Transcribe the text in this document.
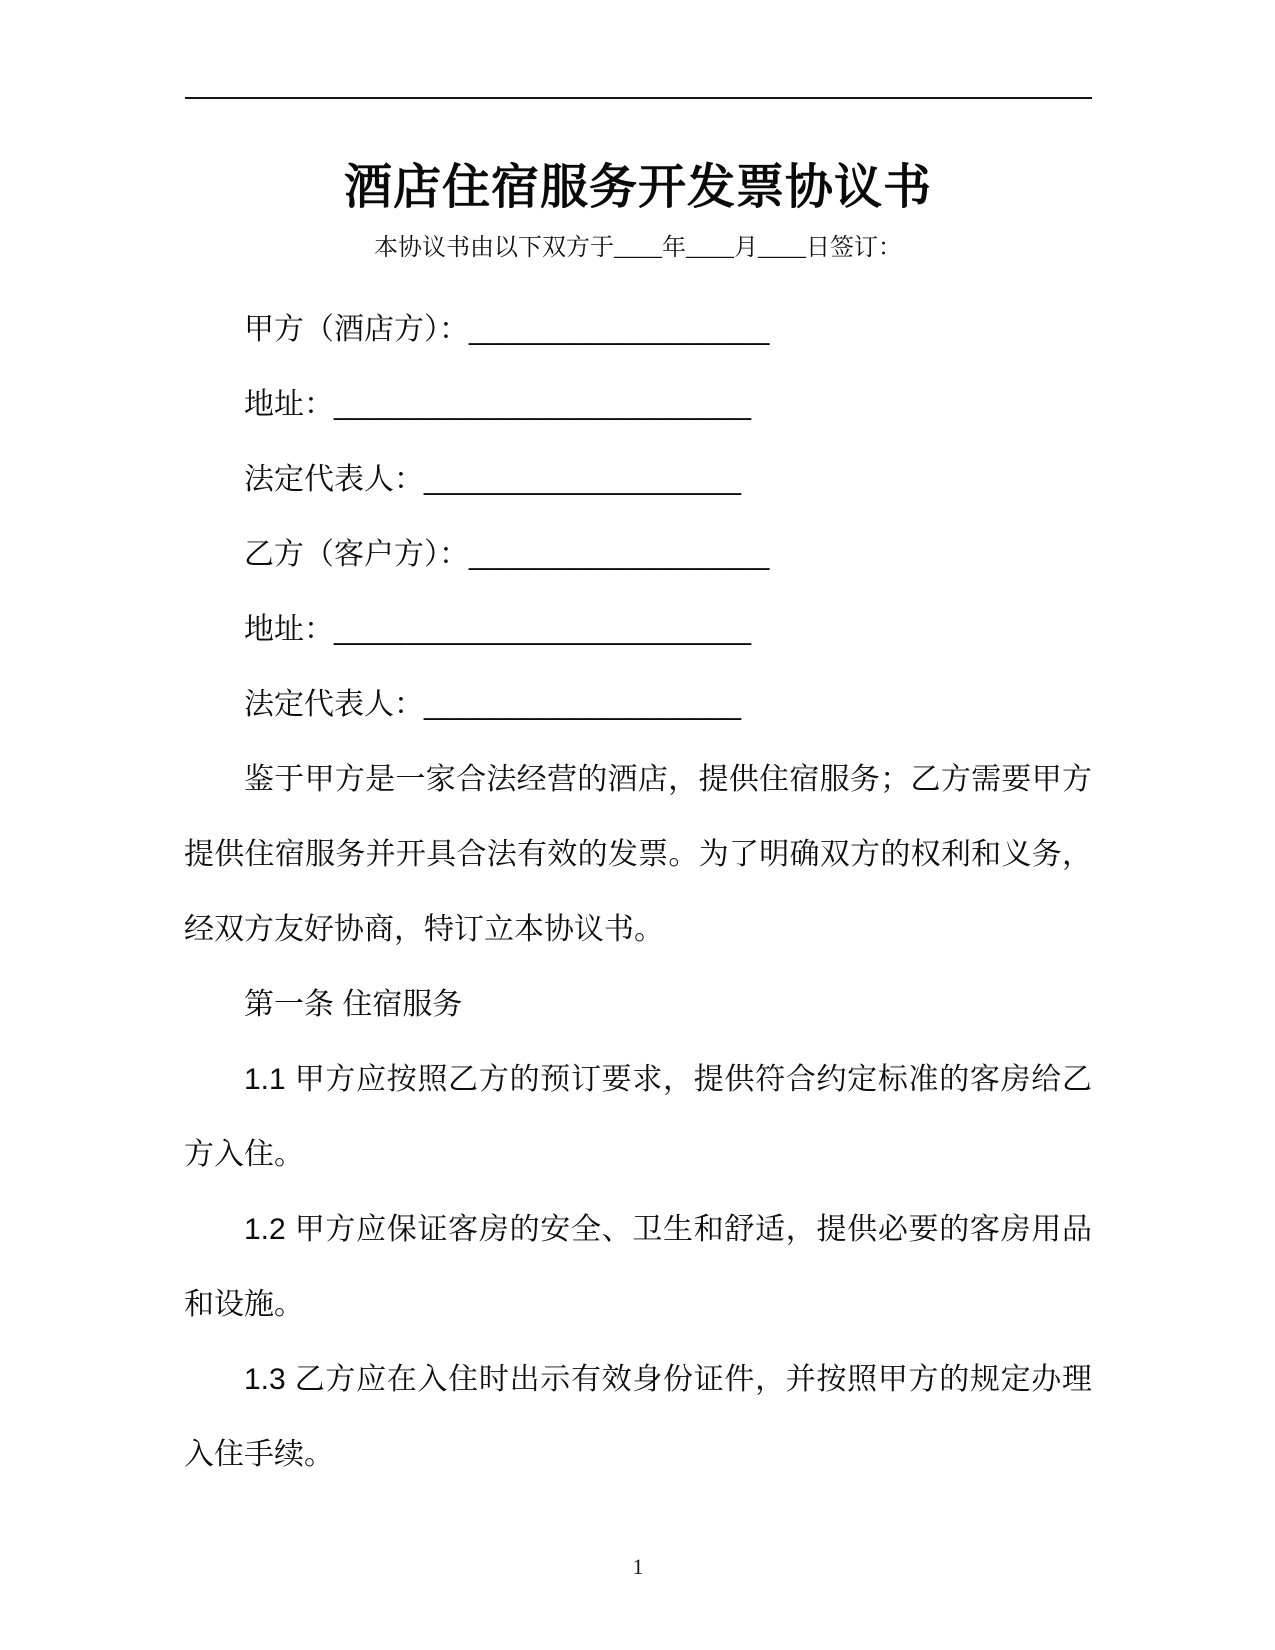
酒店住宿服务开发票协议书

本协议书由以下双方于____年____月____日签订：

甲方（酒店方）：__________________

地址：_________________________

法定代表人：___________________

乙方（客户方）：__________________

地址：_________________________

法定代表人：___________________

鉴于甲方是一家合法经营的酒店，提供住宿服务；乙方需要甲方提供住宿服务并开具合法有效的发票。为了明确双方的权利和义务，经双方友好协商，特订立本协议书。

第一条 住宿服务

1.1 甲方应按照乙方的预订要求，提供符合约定标准的客房给乙方入住。

1.2 甲方应保证客房的安全、卫生和舒适，提供必要的客房用品和设施。

1.3 乙方应在入住时出示有效身份证件，并按照甲方的规定办理入住手续。

1
